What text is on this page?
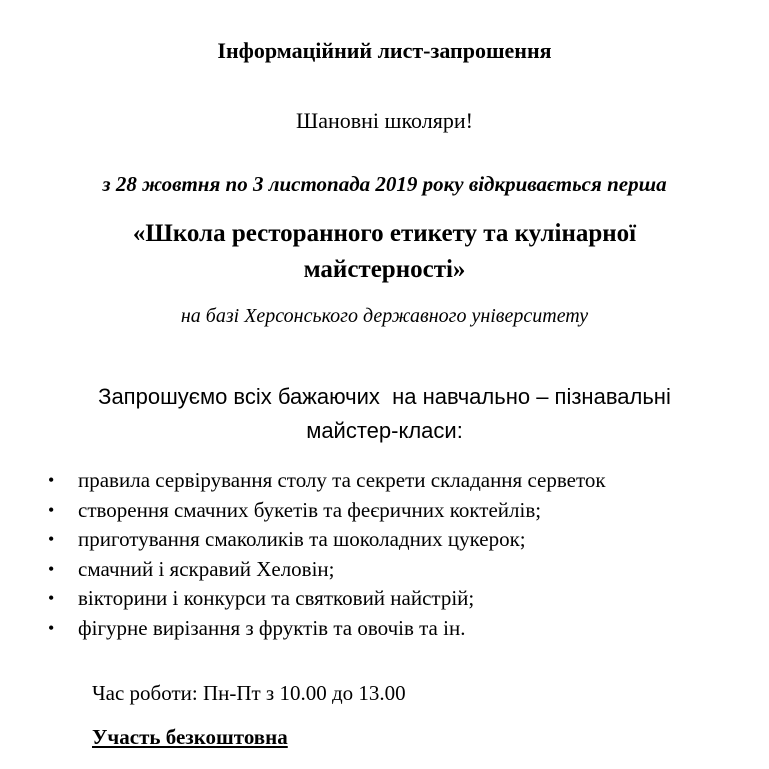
Інформаційний лист-запрошення
Шановні школяри!
з 28 жовтня по 3 листопада 2019 року відкривається перша
«Школа ресторанного етикету та кулінарної
майстерності»
на базі Херсонського державного університету
Запрошуємо всіх бажаючих  на навчально – пізнавальні
майстер-класи:
• правила сервірування столу та секрети складання серветок
• створення смачних букетів та феєричних коктейлів;
• приготування смаколиків та шоколадних цукерок;
• смачний і яскравий Хеловін;
• вікторини і конкурси та святковий найстрій;
• фігурне вирізання з фруктів та овочів та ін.
Час роботи: Пн-Пт з 10.00 до 13.00
Участь безкоштовна
